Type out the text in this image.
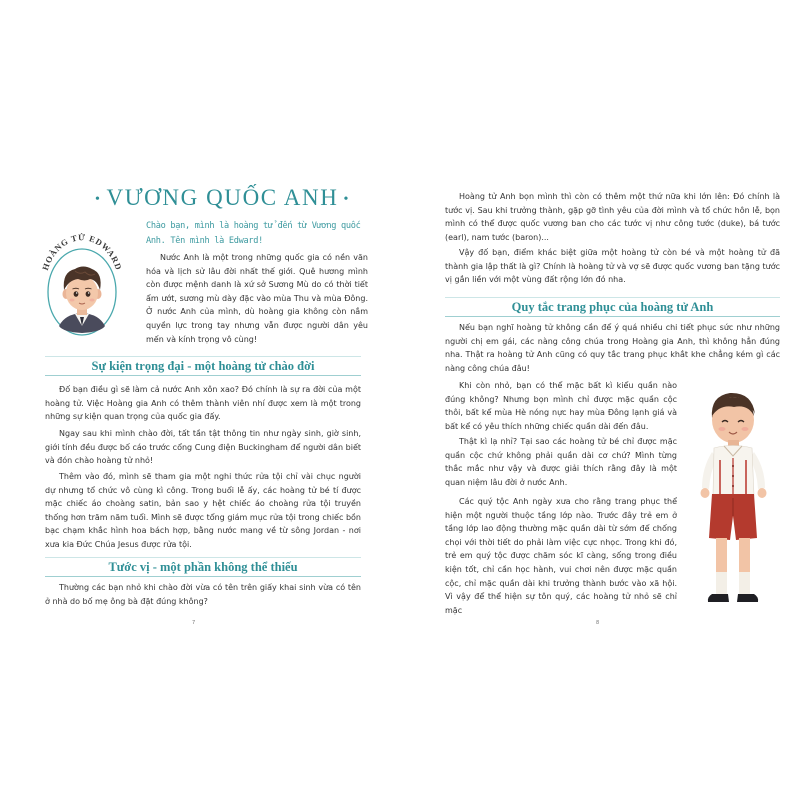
• VƯƠNG QUỐC ANH •
HOÀNG TỬ EDWARD
Chào bạn, mình là hoàng tử đến từ Vương quốc Anh. Tên mình là Edward!

Nước Anh là một trong những quốc gia có nền văn hóa và lịch sử lâu đời nhất thế giới. Quê hương mình còn được mệnh danh là xứ sở Sương Mù do có thời tiết ẩm ướt, sương mù dày đặc vào mùa Thu và mùa Đông. Ở nước Anh của mình, dù hoàng gia không còn nắm quyền lực trong tay nhưng vẫn được người dân yêu mến và kính trọng vô cùng!

Sự kiện trọng đại - một hoàng tử chào đời

Đố bạn điều gì sẽ làm cả nước Anh xôn xao? Đó chính là sự ra đời của một hoàng tử. Việc Hoàng gia Anh có thêm thành viên nhí được xem là một trong những sự kiện quan trọng của quốc gia đấy.

Ngay sau khi mình chào đời, tất tần tật thông tin như ngày sinh, giờ sinh, giới tính đều được bố cáo trước cổng Cung điện Buckingham để người dân biết và đón chào hoàng tử nhỏ!

Thêm vào đó, mình sẽ tham gia một nghi thức rửa tội chỉ vài chục người dự nhưng tổ chức vô cùng kì công. Trong buổi lễ ấy, các hoàng tử bé tí được mặc chiếc áo choàng satin, bản sao y hệt chiếc áo choàng rửa tội truyền thống hơn trăm năm tuổi. Mình sẽ được tổng giám mục rửa tội trong chiếc bồn bạc chạm khắc hình hoa bách hợp, bằng nước mang về từ sông Jordan - nơi xưa kia Đức Chúa Jesus được rửa tội.

Tước vị - một phần không thể thiếu

Thường các bạn nhỏ khi chào đời vừa có tên trên giấy khai sinh vừa có tên ở nhà do bố mẹ ông bà đặt đúng không?

7

Hoàng tử Anh bọn mình thì còn có thêm một thứ nữa khi lớn lên: Đó chính là tước vị. Sau khi trưởng thành, gặp gỡ tình yêu của đời mình và tổ chức hôn lễ, bọn mình có thể được quốc vương ban cho các tước vị như công tước (duke), bá tước (earl), nam tước (baron)...

Vậy đố bạn, điểm khác biệt giữa một hoàng tử còn bé và một hoàng tử đã thành gia lập thất là gì? Chính là hoàng tử và vợ sẽ được quốc vương ban tặng tước vị gắn liền với một vùng đất rộng lớn đó nha.

Quy tắc trang phục của hoàng tử Anh

Nếu bạn nghĩ hoàng tử không cần để ý quá nhiều chi tiết phục sức như những người chị em gái, các nàng công chúa trong Hoàng gia Anh, thì không hẳn đúng nha. Thật ra hoàng tử Anh cũng có quy tắc trang phục khắt khe chẳng kém gì các nàng công chúa đâu!

Khi còn nhỏ, bạn có thể mặc bất kì kiểu quần nào đúng không? Nhưng bọn mình chỉ được mặc quần cộc thôi, bất kể mùa Hè nóng nực hay mùa Đông lạnh giá và bất kể có yêu thích những chiếc quần dài đến đâu.

Thật kì lạ nhỉ? Tại sao các hoàng tử bé chỉ được mặc quần cộc chứ không phải quần dài cơ chứ? Mình từng thắc mắc như vậy và được giải thích rằng đây là một quan niệm lâu đời ở nước Anh.

Các quý tộc Anh ngày xưa cho rằng trang phục thể hiện một người thuộc tầng lớp nào. Trước đây trẻ em ở tầng lớp lao động thường mặc quần dài từ sớm để chống chọi với thời tiết do phải làm việc cực nhọc. Trong khi đó, trẻ em quý tộc được chăm sóc kĩ càng, sống trong điều kiện tốt, chỉ cần học hành, vui chơi nên được mặc quần cộc, chỉ mặc quần dài khi trưởng thành bước vào xã hội. Vì vậy để thể hiện sự tôn quý, các hoàng tử nhỏ sẽ chỉ mặc

8
